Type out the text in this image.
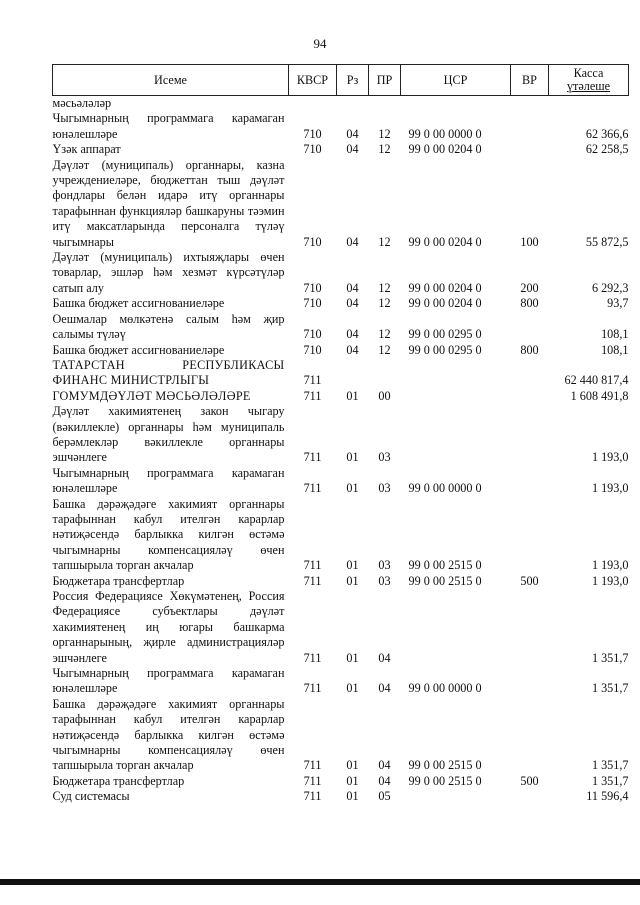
94
Исеме	КВСР	Рз	ПР	ЦСР	ВР	Касса
үтәлеше
мәсьәләләр						
Чыгымнарның программага карамаган юнәлешләре	710	04	12	99 0 00 0000 0		62 366,6
Үзәк аппарат	710	04	12	99 0 00 0204 0		62 258,5
Дәүләт (муниципаль) органнары, казна учреждениеләре, бюджеттан тыш дәүләт фондлары белән идарә итү органнары тарафыннан функцияләр башкаруны тәэмин итү максатларында персоналга түләү чыгымнары	710	04	12	99 0 00 0204 0	100	55 872,5
Дәүләт (муниципаль) ихтыяҗлары өчен товарлар, эшләр һәм хезмәт күрсәтүләр сатып алу	710	04	12	99 0 00 0204 0	200	6 292,3
Башка бюджет ассигнованиеләре	710	04	12	99 0 00 0204 0	800	93,7
Оешмалар мөлкәтенә салым һәм җир салымы түләү	710	04	12	99 0 00 0295 0		108,1
Башка бюджет ассигнованиеләре	710	04	12	99 0 00 0295 0	800	108,1
ТАТАРСТАН РЕСПУБЛИКАСЫ ФИНАНС МИНИСТРЛЫГЫ	711					62 440 817,4
ГОМУМДӘҮЛӘТ МӘСЬӘЛӘЛӘРЕ	711	01	00			1 608 491,8
Дәүләт хакимиятенең закон чыгару (вәкиллекле) органнары һәм муниципаль берәмлекләр вәкиллекле органнары эшчәнлеге	711	01	03			1 193,0
Чыгымнарның программага карамаган юнәлешләре	711	01	03	99 0 00 0000 0		1 193,0
Башка дәрәҗәдәге хакимият органнары тарафыннан кабул ителгән карарлар нәтиҗәсендә барлыкка килгән өстәмә чыгымнарны компенсацияләү өчен тапшырыла торган акчалар	711	01	03	99 0 00 2515 0		1 193,0
Бюджетара трансфертлар	711	01	03	99 0 00 2515 0	500	1 193,0
Россия Федерациясе Хөкүмәтенең, Россия Федерациясе субъектлары дәүләт хакимиятенең иң югары башкарма органнарының, җирле администрацияләр эшчәнлеге	711	01	04			1 351,7
Чыгымнарның программага карамаган юнәлешләре	711	01	04	99 0 00 0000 0		1 351,7
Башка дәрәҗәдәге хакимият органнары тарафыннан кабул ителгән карарлар нәтиҗәсендә барлыкка килгән өстәмә чыгымнарны компенсацияләү өчен тапшырыла торган акчалар	711	01	04	99 0 00 2515 0		1 351,7
Бюджетара трансфертлар	711	01	04	99 0 00 2515 0	500	1 351,7
Суд системасы	711	01	05			11 596,4
